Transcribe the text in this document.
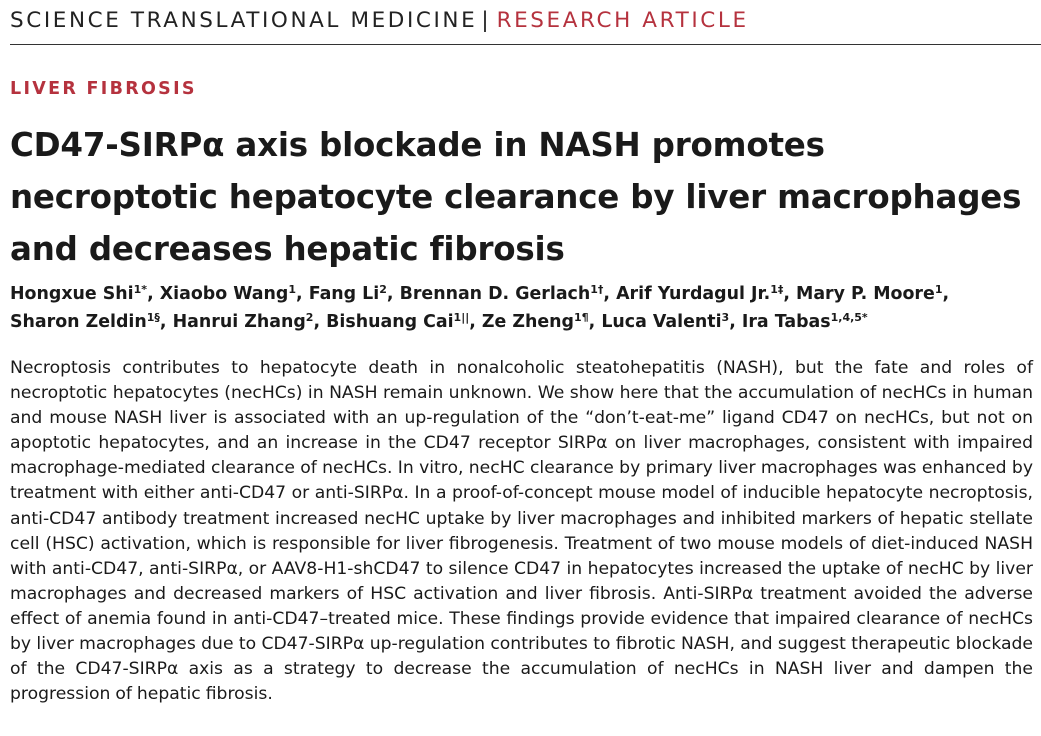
SCIENCE TRANSLATIONAL MEDICINE | RESEARCH ARTICLE
LIVER FIBROSIS
CD47-SIRPα axis blockade in NASH promotes necroptotic hepatocyte clearance by liver macrophages and decreases hepatic fibrosis
Hongxue Shi$^{1*}$, Xiaobo Wang$^1$, Fang Li$^2$, Brennan D. Gerlach$^{1\dagger}$, Arif Yurdagul Jr.$^{1\ddagger}$, Mary P. Moore$^1$,
Sharon Zeldin$^{1\S}$, Hanrui Zhang$^2$, Bishuang Cai$^{1||}$, Ze Zheng$^{1\P}$, Luca Valenti$^3$, Ira Tabas$^{1,4,5*}$
Necroptosis contributes to hepatocyte death in nonalcoholic steatohepatitis (NASH), but the fate and roles of necroptotic hepatocytes (necHCs) in NASH remain unknown. We show here that the accumulation of necHCs in human and mouse NASH liver is associated with an up-regulation of the “don’t-eat-me” ligand CD47 on necHCs, but not on apoptotic hepatocytes, and an increase in the CD47 receptor SIRPα on liver macrophages, consistent with impaired macrophage-mediated clearance of necHCs. In vitro, necHC clearance by primary liver macrophages was enhanced by treatment with either anti-CD47 or anti-SIRPα. In a proof-of-concept mouse model of inducible hepatocyte necroptosis, anti-CD47 antibody treatment increased necHC uptake by liver macrophages and inhibited markers of hepatic stellate cell (HSC) activation, which is responsible for liver fibrogenesis. Treatment of two mouse models of diet-induced NASH with anti-CD47, anti-SIRPα, or AAV8-H1-shCD47 to silence CD47 in hepatocytes increased the uptake of necHC by liver macrophages and decreased markers of HSC activation and liver fibrosis. Anti-SIRPα treatment avoided the adverse effect of anemia found in anti-CD47–treated mice. These findings provide evidence that impaired clearance of necHCs by liver macrophages due to CD47-SIRPα up-regulation contributes to fibrotic NASH, and suggest therapeutic blockade of the CD47-SIRPα axis as a strategy to decrease the accumulation of necHCs in NASH liver and dampen the progression of hepatic fibrosis.
